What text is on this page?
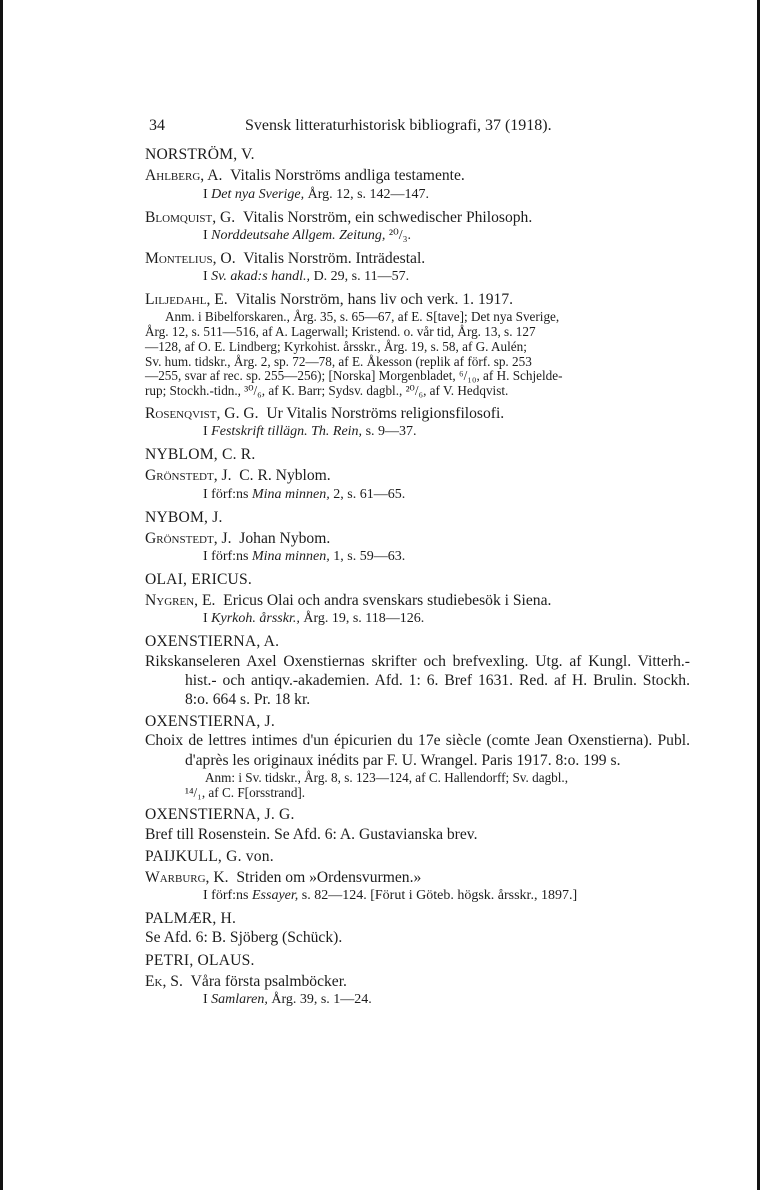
34	Svensk litteraturhistorisk bibliografi, 37 (1918).
NORSTRÖM, V.
Ahlberg, A. Vitalis Norströms andliga testamente.
I Det nya Sverige, Årg. 12, s. 142—147.
Blomquist, G. Vitalis Norström, ein schwedischer Philosoph.
I Norddeutsahe Allgem. Zeitung, ²⁰/₃.
Montelius, O. Vitalis Norström. Inträdestal.
I Sv. akad:s handl., D. 29, s. 11—57.
Liljedahl, E. Vitalis Norström, hans liv och verk. 1. 1917.
Anm. i Bibelforskaren., Årg. 35, s. 65—67, af E. S[tave]; Det nya Sverige,
Årg. 12, s. 511—516, af A. Lagerwall; Kristend. o. vår tid, Årg. 13, s. 127
—128, af O. E. Lindberg; Kyrkohist. årsskr., Årg. 19, s. 58, af G. Aulén;
Sv. hum. tidskr., Årg. 2, sp. 72—78, af E. Åkesson (replik af förf. sp. 253
—255, svar af rec. sp. 255—256); [Norska] Morgenbladet, ⁶/₁₀, af H. Schjelde-
rup; Stockh.-tidn., ³⁰/₆, af K. Barr; Sydsv. dagbl., ²⁰/₆, af V. Hedqvist.
Rosenqvist, G. G. Ur Vitalis Norströms religionsfilosofi.
I Festskrift tillägn. Th. Rein, s. 9—37.
NYBLOM, C. R.
Grönstedt, J. C. R. Nyblom.
I förf:ns Mina minnen, 2, s. 61—65.
NYBOM, J.
Grönstedt, J. Johan Nybom.
I förf:ns Mina minnen, 1, s. 59—63.
OLAI, ERICUS.
Nygren, E. Ericus Olai och andra svenskars studiebesök i Siena.
I Kyrkoh. årsskr., Årg. 19, s. 118—126.
OXENSTIERNA, A.
Rikskanseleren Axel Oxenstiernas skrifter och brefvexling. Utg. af Kungl. Vitterh.- hist.- och antiqv.-akademien. Afd. 1: 6. Bref 1631. Red. af H. Brulin. Stockh. 8:o. 664 s. Pr. 18 kr.
OXENSTIERNA, J.
Choix de lettres intimes d'un épicurien du 17e siècle (comte Jean Oxenstierna). Publ. d'après les originaux inédits par F. U. Wrangel. Paris 1917. 8:o. 199 s.
Anm: i Sv. tidskr., Årg. 8, s. 123—124, af C. Hallendorff; Sv. dagbl.,
¹⁴/₁, af C. F[orsstrand].
OXENSTIERNA, J. G.
Bref till Rosenstein. Se Afd. 6: A. Gustavianska brev.
PAIJKULL, G. von.
Warburg, K. Striden om »Ordensvurmen.»
I förf:ns Essayer, s. 82—124. [Förut i Göteb. högsk. årsskr., 1897.]
PALMÆR, H.
Se Afd. 6: B. Sjöberg (Schück).
PETRI, OLAUS.
Ek, S. Våra första psalmböcker.
I Samlaren, Årg. 39, s. 1—24.
